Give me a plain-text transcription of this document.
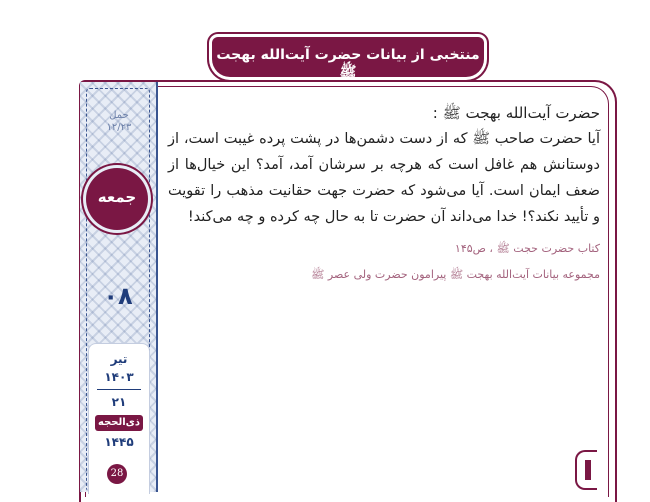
منتخبی از بیانات حضرت آیت‌الله بهجت ﷺ
حمل
۱۲/۲۳
جمعه
۰۸
تیر
۱۴۰۳
۲۱
ذی‌الحجه
۱۴۴۵
28

حضرت آیت‌الله بهجت ﷺ :

آیا حضرت صاحب ﷺ که از دست دشمن‌ها در پشت پرده غیبت است، از دوستانش هم غافل است که هرچه بر سرشان آمد، آمد؟ این خیال‌ها از ضعف ایمان است. آیا می‌شود که حضرت جهت حقانیت مذهب را تقویت و تأیید نکند؟! خدا می‌داند آن حضرت تا به حال چه کرده و چه می‌کند!

کتاب حضرت حجت ﷺ ، ص۱۴۵
مجموعه بیانات آیت‌الله بهجت ﷺ پیرامون حضرت ولی عصر ﷺ
